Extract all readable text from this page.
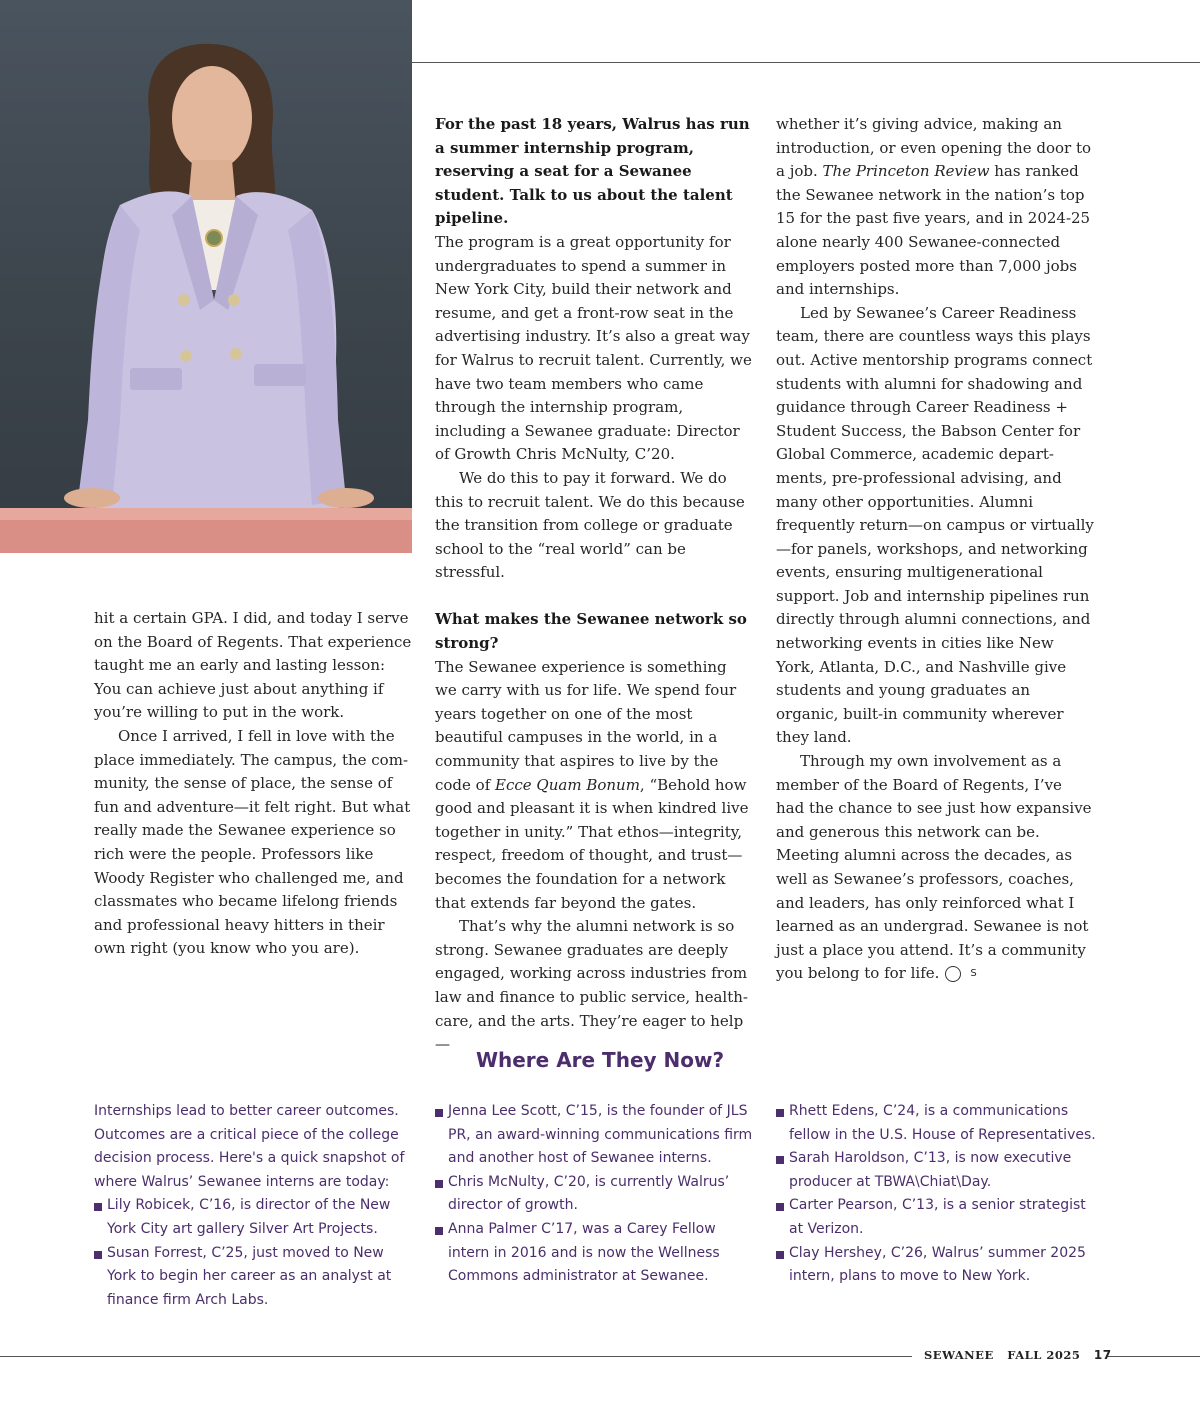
hit a certain GPA. I did, and today I serve on the Board of Regents. That experience taught me an early and lasting lesson: You can achieve just about anything if you’re willing to put in the work.

Once I arrived, I fell in love with the place immediately. The campus, the community, the sense of place, the sense of fun and adventure—it felt right. But what really made the Sewanee experience so rich were the people. Professors like Woody Register who challenged me, and classmates who became lifelong friends and professional heavy hitters in their own right (you know who you are).

For the past 18 years, Walrus has run a summer internship program, reserving a seat for a Sewanee student. Talk to us about the talent pipeline.

The program is a great opportunity for undergraduates to spend a summer in New York City, build their network and resume, and get a front-row seat in the advertising industry. It’s also a great way for Walrus to recruit talent. Currently, we have two team members who came through the internship program, including a Sewanee graduate: Director of Growth Chris McNulty, C’20.

We do this to pay it forward. We do this to recruit talent. We do this because the transition from college or graduate school to the “real world” can be stressful.

What makes the Sewanee network so strong?

The Sewanee experience is something we carry with us for life. We spend four years together on one of the most beautiful campuses in the world, in a community that aspires to live by the code of Ecce Quam Bonum, “Behold how good and pleasant it is when kindred live together in unity.” That ethos—integrity, respect, freedom of thought, and trust—becomes the foundation for a network that extends far beyond the gates.

That’s why the alumni network is so strong. Sewanee graduates are deeply engaged, working across industries from law and finance to public service, healthcare, and the arts. They’re eager to help—

whether it’s giving advice, making an introduction, or even opening the door to a job. The Princeton Review has ranked the Sewanee network in the nation’s top 15 for the past five years, and in 2024-25 alone nearly 400 Sewanee-connected employers posted more than 7,000 jobs and internships.

Led by Sewanee’s Career Readiness team, there are countless ways this plays out. Active mentorship programs connect students with alumni for shadowing and guidance through Career Readiness + Student Success, the Babson Center for Global Commerce, academic departments, pre-professional advising, and many other opportunities. Alumni frequently return—on campus or virtually—for panels, workshops, and networking events, ensuring multigenerational support. Job and internship pipelines run directly through alumni connections, and networking events in cities like New York, Atlanta, D.C., and Nashville give students and young graduates an organic, built-in community wherever they land.

Through my own involvement as a member of the Board of Regents, I’ve had the chance to see just how expansive and generous this network can be. Meeting alumni across the decades, as well as Sewanee’s professors, coaches, and leaders, has only reinforced what I learned as an undergrad. Sewanee is not just a place you attend. It’s a community you belong to for life.	S

Where Are They Now?

Internships lead to better career outcomes. Outcomes are a critical piece of the college decision process. Here's a quick snapshot of where Walrus’ Sewanee interns are today:

Lily Robicek, C’16, is director of the New York City art gallery Silver Art Projects.
Susan Forrest, C’25, just moved to New York to begin her career as an analyst at finance firm Arch Labs.
Jenna Lee Scott, C’15, is the founder of JLS PR, an award-winning communications firm and another host of Sewanee interns.
Chris McNulty, C’20, is currently Walrus’ director of growth.
Anna Palmer C’17, was a Carey Fellow intern in 2016 and is now the Wellness Commons administrator at Sewanee.
Rhett Edens, C’24, is a communications fellow in the U.S. House of Representatives.
Sarah Haroldson, C’13, is now executive producer at TBWA\Chiat\Day.
Carter Pearson, C’13, is a senior strategist at Verizon.
Clay Hershey, C’26, Walrus’ summer 2025 intern, plans to move to New York.
SEWANEE FALL 2025 17
